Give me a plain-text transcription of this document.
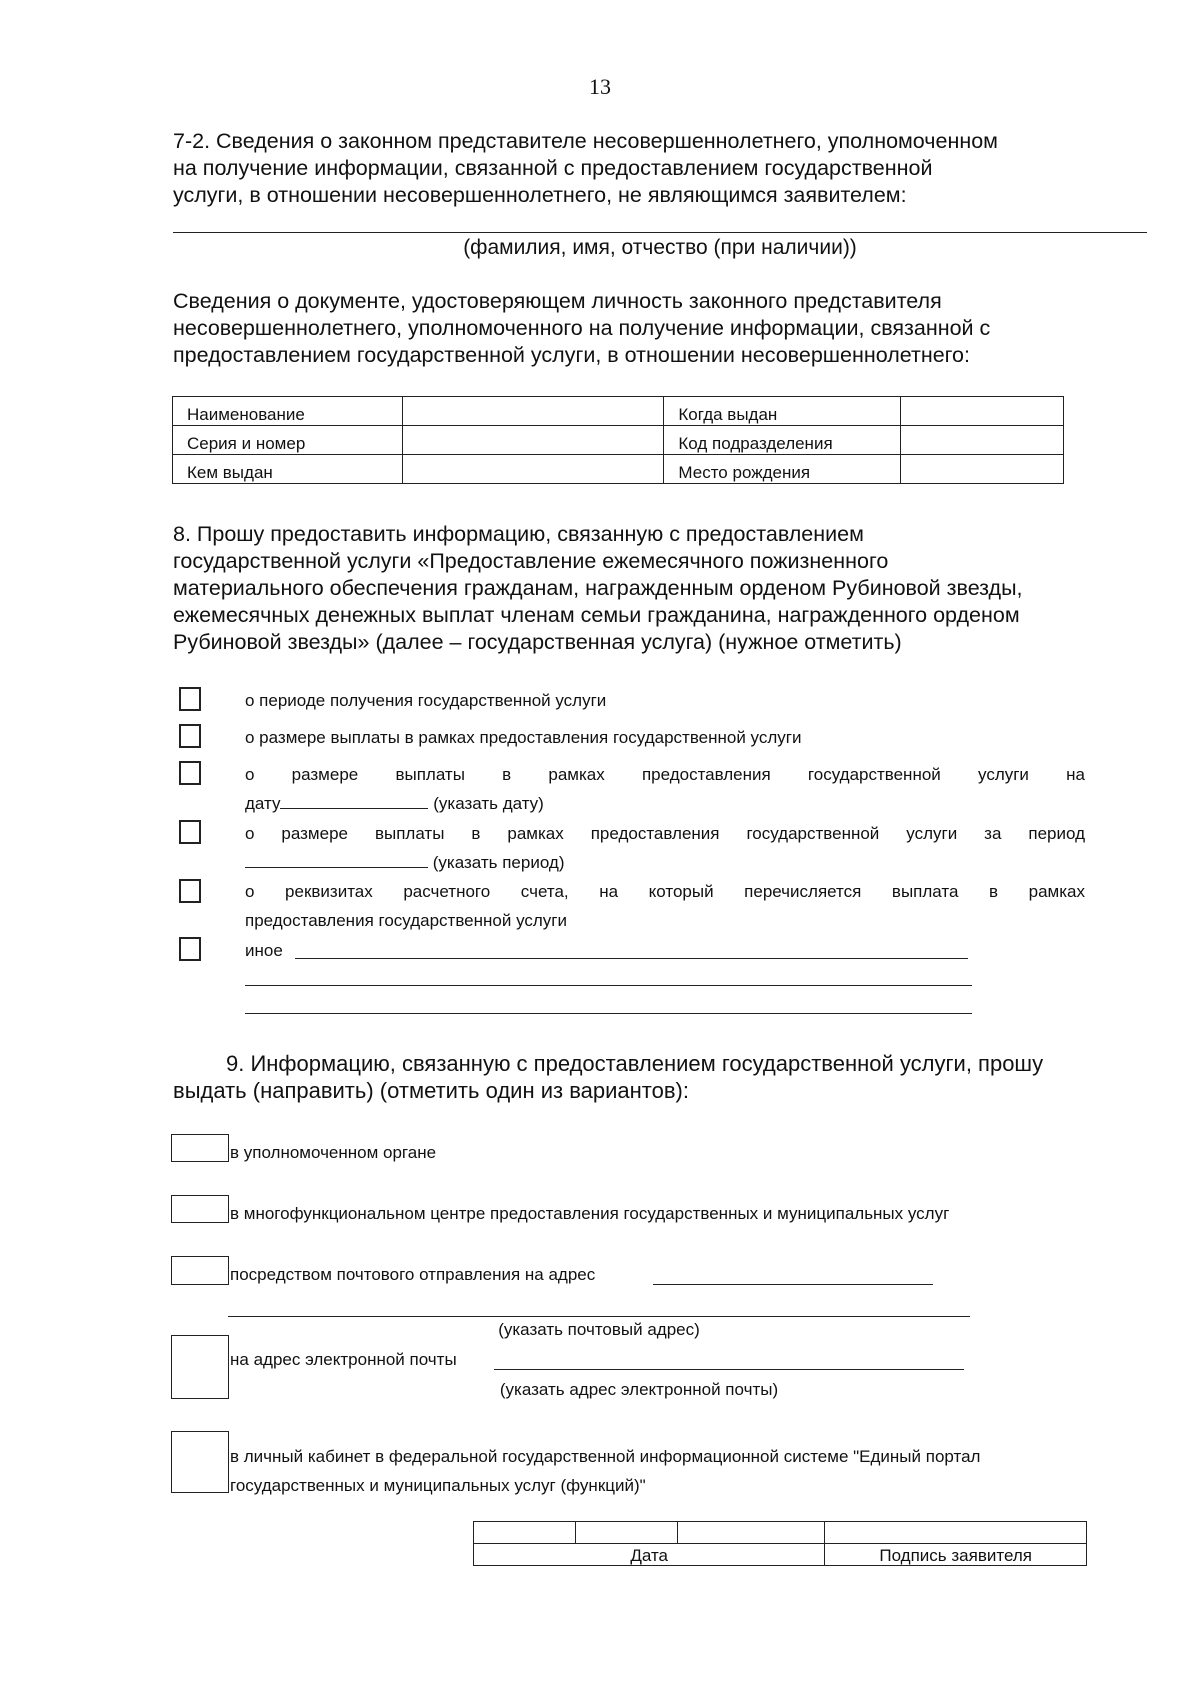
13
7-2. Сведения о законном представителе несовершеннолетнего, уполномоченном
на получение информации, связанной с предоставлением государственной
услуги, в отношении несовершеннолетнего, не являющимся заявителем:
(фамилия, имя, отчество (при наличии))
Сведения о документе, удостоверяющем личность законного представителя
несовершеннолетнего, уполномоченного на получение информации, связанной с
предоставлением государственной услуги, в отношении несовершеннолетнего:
Наименование		Когда выдан	
Серия и номер		Код подразделения	
Кем выдан		Место рождения	
8. Прошу предоставить информацию, связанную с предоставлением
государственной услуги «Предоставление ежемесячного пожизненного
материального обеспечения гражданам, награжденным орденом Рубиновой звезды,
ежемесячных денежных выплат членам семьи гражданина, награжденного орденом
Рубиновой звезды» (далее – государственная услуга) (нужное отметить)
о периоде получения государственной услуги
о размере выплаты в рамках предоставления государственной услуги
о размере выплаты в рамках предоставления государственной услуги на
дату	(указать дату)
о размере выплаты в рамках предоставления государственной услуги за период
(указать период)
о реквизитах расчетного счета, на который перечисляется выплата в рамках
предоставления государственной услуги
иное
9. Информацию, связанную с предоставлением государственной услуги, прошу
выдать (направить) (отметить один из вариантов):
в уполномоченном органе
в многофункциональном центре предоставления государственных и муниципальных услуг
посредством почтового отправления на адрес
(указать почтовый адрес)
на адрес электронной почты
(указать адрес электронной почты)
в личный кабинет в федеральной государственной информационной системе "Единый портал
государственных и муниципальных услуг (функций)"

Дата			Подпись заявителя
